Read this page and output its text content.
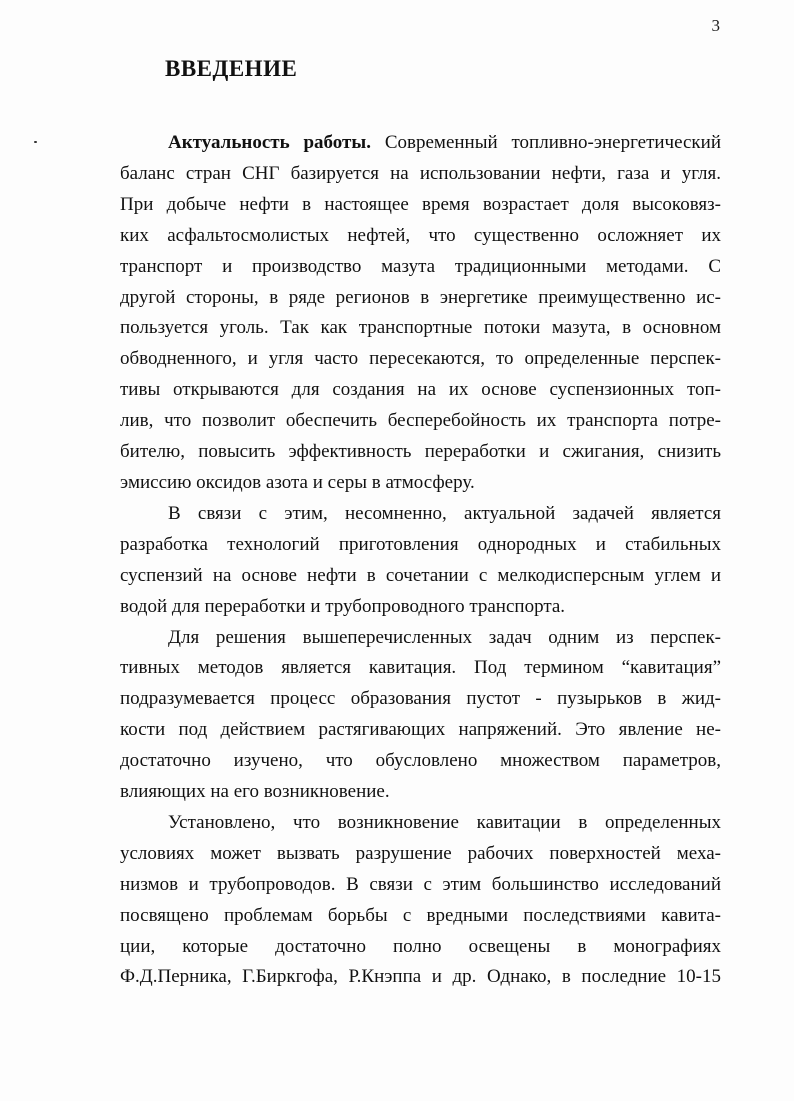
3
ВВЕДЕНИЕ

Актуальность работы. Современный топливно-энергетический
баланс стран СНГ базируется на использовании нефти, газа и угля.
При добыче нефти в настоящее время возрастает доля высоковяз-
ких асфальтосмолистых нефтей, что существенно осложняет их
транспорт и производство мазута традиционными методами. С
другой стороны, в ряде регионов в энергетике преимущественно ис-
пользуется уголь. Так как транспортные потоки мазута, в основном
обводненного, и угля часто пересекаются, то определенные перспек-
тивы открываются для создания на их основе суспензионных топ-
лив, что позволит обеспечить бесперебойность их транспорта потре-
бителю, повысить эффективность переработки и сжигания, снизить
эмиссию оксидов азота и серы в атмосферу.

В связи с этим, несомненно, актуальной задачей является
разработка технологий приготовления однородных и стабильных
суспензий на основе нефти в сочетании с мелкодисперсным углем и
водой для переработки и трубопроводного транспорта.

Для решения вышеперечисленных задач одним из перспек-
тивных методов является кавитация. Под термином “кавитация”
подразумевается процесс образования пустот - пузырьков в жид-
кости под действием растягивающих напряжений. Это явление не-
достаточно изучено, что обусловлено множеством параметров,
влияющих на его возникновение.

Установлено, что возникновение кавитации в определенных
условиях может вызвать разрушение рабочих поверхностей меха-
низмов и трубопроводов. В связи с этим большинство исследований
посвящено проблемам борьбы с вредными последствиями кавита-
ции, которые достаточно полно освещены в монографиях
Ф.Д.Перника, Г.Биркгофа, Р.Кнэппа и др. Однако, в последние 10-15
